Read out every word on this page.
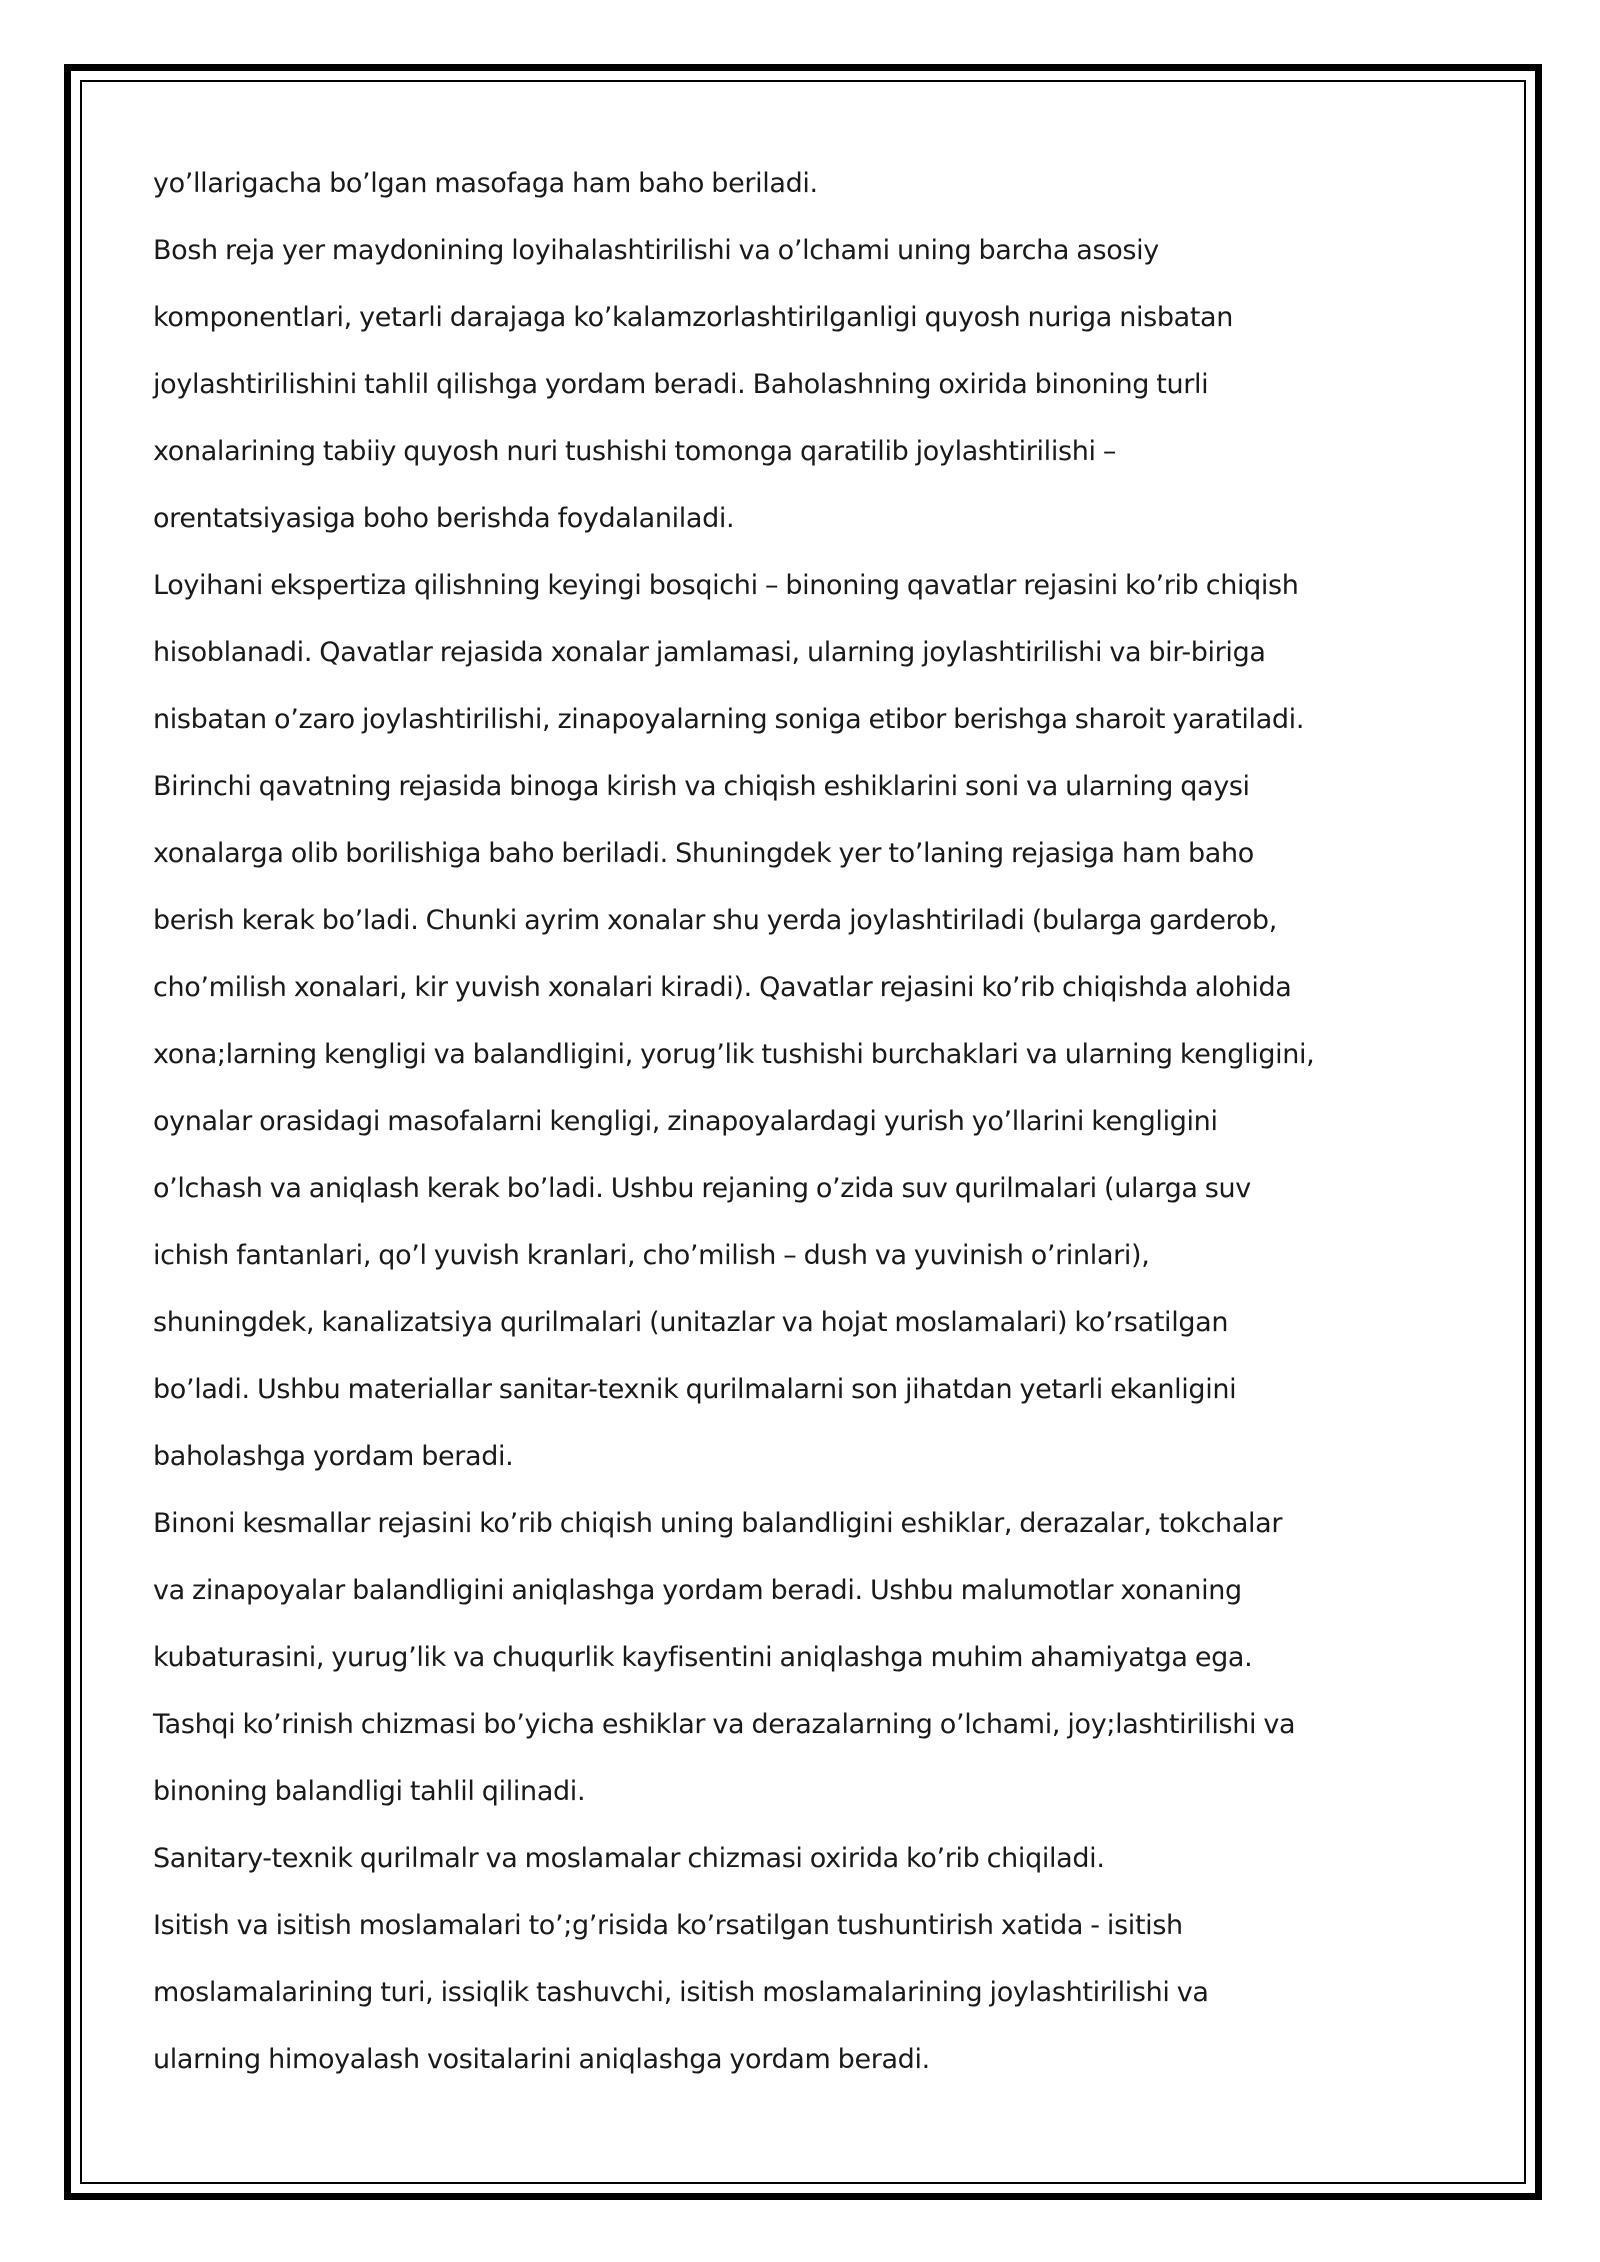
yo’llarigacha bo’lgan masofaga ham baho beriladi.
Bosh reja yer maydonining loyihalashtirilishi va o’lchami uning barcha asosiy
komponentlari, yetarli darajaga ko’kalamzorlashtirilganligi quyosh nuriga nisbatan
joylashtirilishini tahlil qilishga yordam beradi. Baholashning oxirida binoning turli
xonalarining tabiiy quyosh nuri tushishi tomonga qaratilib joylashtirilishi –
orentatsiyasiga boho berishda foydalaniladi.
Loyihani ekspertiza qilishning keyingi bosqichi – binoning qavatlar rejasini ko’rib chiqish
hisoblanadi. Qavatlar rejasida xonalar jamlamasi, ularning joylashtirilishi va bir-biriga
nisbatan o’zaro joylashtirilishi, zinapoyalarning soniga etibor berishga sharoit yaratiladi.
Birinchi qavatning rejasida binoga kirish va chiqish eshiklarini soni va ularning qaysi
xonalarga olib borilishiga baho beriladi. Shuningdek yer to’laning rejasiga ham baho
berish kerak bo’ladi. Chunki ayrim xonalar shu yerda joylashtiriladi (bularga garderob,
cho’milish xonalari, kir yuvish xonalari kiradi). Qavatlar rejasini ko’rib chiqishda alohida
xona;larning kengligi va balandligini, yorug’lik tushishi burchaklari va ularning kengligini,
oynalar orasidagi masofalarni kengligi, zinapoyalardagi yurish yo’llarini kengligini
o’lchash va aniqlash kerak bo’ladi. Ushbu rejaning o’zida suv qurilmalari (ularga suv
ichish fantanlari, qo’l yuvish kranlari, cho’milish – dush va yuvinish o’rinlari),
shuningdek, kanalizatsiya qurilmalari (unitazlar va hojat moslamalari) ko’rsatilgan
bo’ladi. Ushbu materiallar sanitar-texnik qurilmalarni son jihatdan yetarli ekanligini
baholashga yordam beradi.
Binoni kesmallar rejasini ko’rib chiqish uning balandligini eshiklar, derazalar, tokchalar
va zinapoyalar balandligini aniqlashga yordam beradi. Ushbu malumotlar xonaning
kubaturasini, yurug’lik va chuqurlik kayfisentini aniqlashga muhim ahamiyatga ega.
Tashqi ko’rinish chizmasi bo’yicha eshiklar va derazalarning o’lchami, joy;lashtirilishi va
binoning balandligi tahlil qilinadi.
Sanitary-texnik qurilmalr va moslamalar chizmasi oxirida ko’rib chiqiladi.
Isitish va isitish moslamalari to’;g’risida ko’rsatilgan tushuntirish xatida - isitish
moslamalarining turi, issiqlik tashuvchi, isitish moslamalarining joylashtirilishi va
ularning himoyalash vositalarini aniqlashga yordam beradi.
